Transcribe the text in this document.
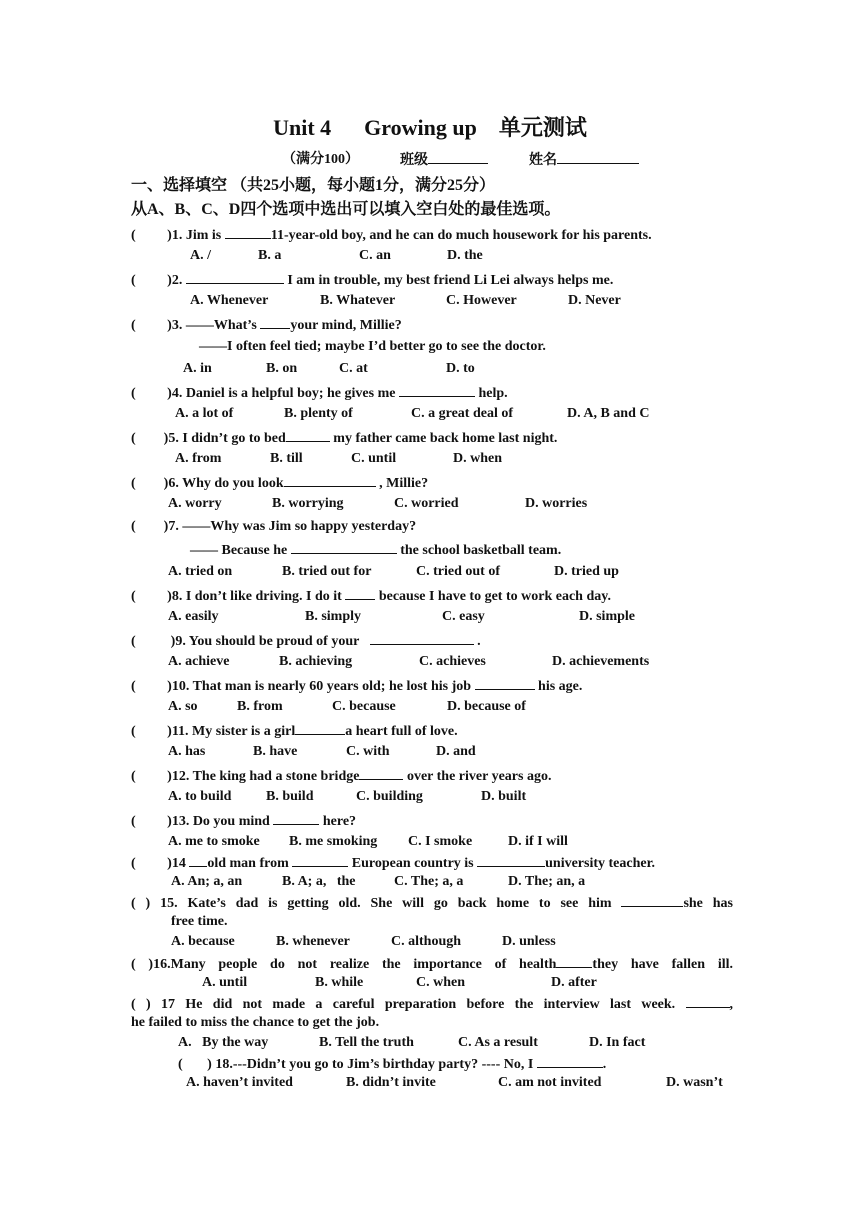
Unit 4 Growing up 单元测试
（满分100）	班级	姓名
一、选择填空 （共25小题，每小题1分，满分25分）
从A、B、C、D四个选项中选出可以填入空白处的最佳选项。
(         )1. Jim is	11-year-old boy, and he can do much housework for his parents.

A. /

	B. a

	C. an

	D. the

(         )2.	I am in trouble, my best friend Li Lei always helps me.

A. Whenever

	B. Whatever

	C. However

	D. Never

(         )3. ——What’s your mind, Millie?
——I often feel tied; maybe I’d better go to see the doctor.

A. in

	B. on

	C. at

	D. to

(         )4. Daniel is a helpful boy; he gives me	help.

A. a lot of

	B. plenty of

	C. a great deal of

	D. A, B and C

(        )5. I didn’t go to bed	my father came back home last night.

A. from

	B. till

	C. until

	D. when

(        )6. Why do you look	, Millie?

A. worry

	B. worrying

	C. worried

	D. worries

(        )7. ——Why was Jim so happy yesterday?
—— Because he	the school basketball team.

A. tried on

	B. tried out for

	C. tried out of

	D. tried up

(         )8. I don’t like driving. I do it  because I have to get to work each day.

A. easily

	B. simply

	C. easy

	D. simple

(          )9. You should be proud of your	.

A. achieve

	B. achieving

	C. achieves

	D. achievements

(         )10. That man is nearly 60 years old; he lost his job	his age.

A. so

	B. from

	C. because

	D. because of

(         )11. My sister is a girl	a heart full of love.

A. has

	B. have

	C. with

	D. and

(         )12. The king had a stone bridge	over the river years ago.

A. to build

B. build

	C. building

	D. built

(         )13. Do you mind	here?

A. me to smoke

B. me smoking

C. I smoke

	D. if I will

(         )14 old man from	European country is	university teacher.

A. An; a, an

	B. A; a,   the

	C. The; a, a

	D. The; an, a

( ) 15. Kate’s dad is getting old. She will go back home to see him	she has
free time.

A. because

	B. whenever

	C. although

	D. unless

( )16.Many people do not realize the importance of health	they have fallen ill.

A. until

	B. while

	C. when

	D. after

( ) 17 He did not made a careful preparation before the interview last week.	,
he failed to miss the chance to get the job.

A.   By the way

	B. Tell the truth

	C. As a result

	D. In fact

(       ) 18.---Didn’t you go to Jim’s birthday party? ---- No, I	.

A. haven’t invited

	B. didn’t invite

	C. am not invited

	D. wasn’t
